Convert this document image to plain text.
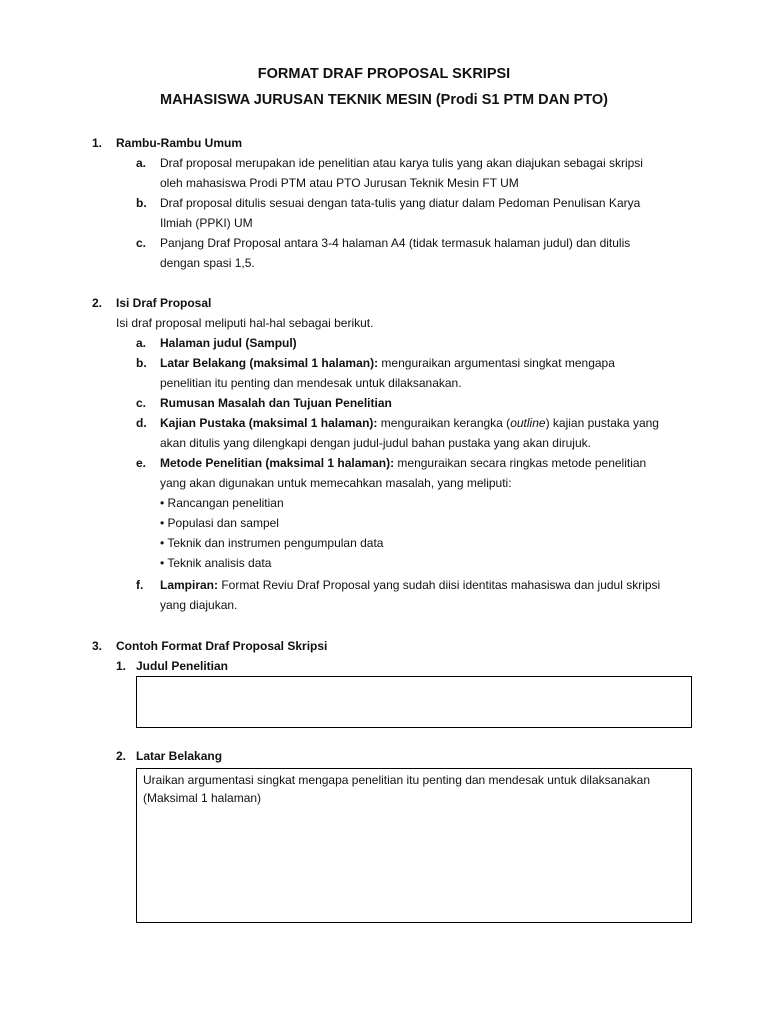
FORMAT DRAF PROPOSAL SKRIPSI
MAHASISWA JURUSAN TEKNIK MESIN (Prodi S1 PTM DAN PTO)
1. Rambu-Rambu Umum
a. Draf proposal merupakan ide penelitian atau karya tulis yang akan diajukan sebagai skripsi
oleh mahasiswa Prodi PTM atau PTO Jurusan Teknik Mesin FT UM
b. Draf proposal ditulis sesuai dengan tata-tulis yang diatur dalam Pedoman Penulisan Karya
Ilmiah (PPKI) UM
c. Panjang Draf Proposal antara 3-4 halaman A4 (tidak termasuk halaman judul) dan ditulis
dengan spasi 1,5.
2. Isi Draf Proposal
Isi draf proposal meliputi hal-hal sebagai berikut.
a. Halaman judul (Sampul)
b. Latar Belakang (maksimal 1 halaman): menguraikan argumentasi singkat mengapa
penelitian itu penting dan mendesak untuk dilaksanakan.
c. Rumusan Masalah dan Tujuan Penelitian
d. Kajian Pustaka (maksimal 1 halaman): menguraikan kerangka (outline) kajian pustaka yang
akan ditulis yang dilengkapi dengan judul-judul bahan pustaka yang akan dirujuk.
e. Metode Penelitian (maksimal 1 halaman): menguraikan secara ringkas metode penelitian
yang akan digunakan untuk memecahkan masalah, yang meliputi:
• Rancangan penelitian
• Populasi dan sampel
• Teknik dan instrumen pengumpulan data
• Teknik analisis data
f. Lampiran: Format Reviu Draf Proposal yang sudah diisi identitas mahasiswa dan judul skripsi
yang diajukan.
3. Contoh Format Draf Proposal Skripsi
1. Judul Penelitian
2. Latar Belakang
Uraikan argumentasi singkat mengapa penelitian itu penting dan mendesak untuk dilaksanakan
(Maksimal 1 halaman)
